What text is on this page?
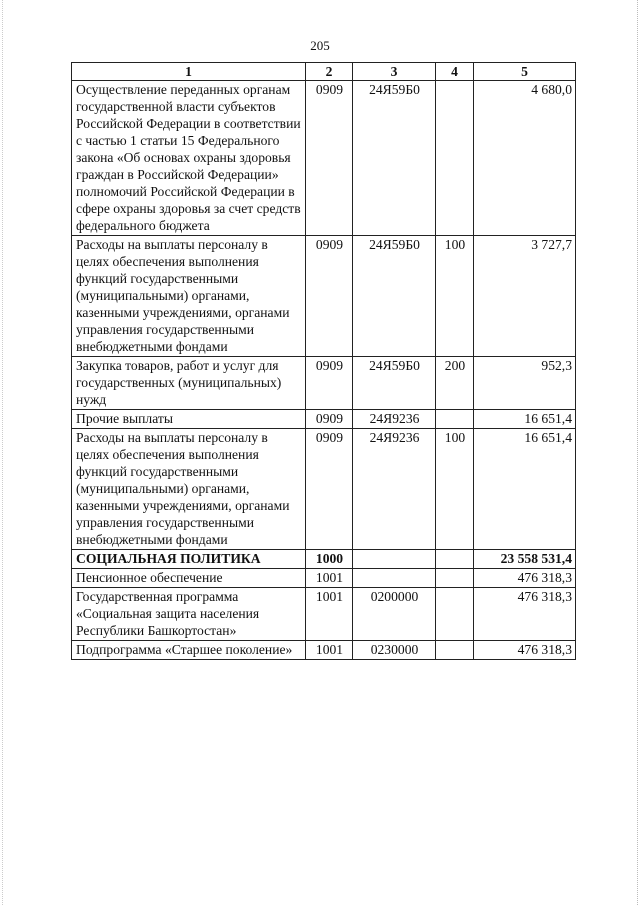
205
1	2	3	4	5
Осуществление переданных органам государственной власти субъектов Российской Федерации в соответствии с частью 1 статьи 15 Федерального закона «Об основах охраны здоровья граждан в Российской Федерации» полномочий Российской Федерации в сфере охраны здоровья за счет средств федерального бюджета	0909	24Я59Б0		4 680,0
Расходы на выплаты персоналу в целях обеспечения выполнения функций государственными (муниципальными) органами, казенными учреждениями, органами управления государственными внебюджетными фондами	0909	24Я59Б0	100	3 727,7
Закупка товаров, работ и услуг для государственных (муниципальных) нужд	0909	24Я59Б0	200	952,3
Прочие выплаты	0909	24Я9236		16 651,4
Расходы на выплаты персоналу в целях обеспечения выполнения функций государственными (муниципальными) органами, казенными учреждениями, органами управления государственными внебюджетными фондами	0909	24Я9236	100	16 651,4
СОЦИАЛЬНАЯ ПОЛИТИКА	1000			23 558 531,4
Пенсионное обеспечение	1001			476 318,3
Государственная программа «Социальная защита населения Республики Башкортостан»	1001	0200000		476 318,3
Подпрограмма «Старшее поколение»	1001	0230000		476 318,3
